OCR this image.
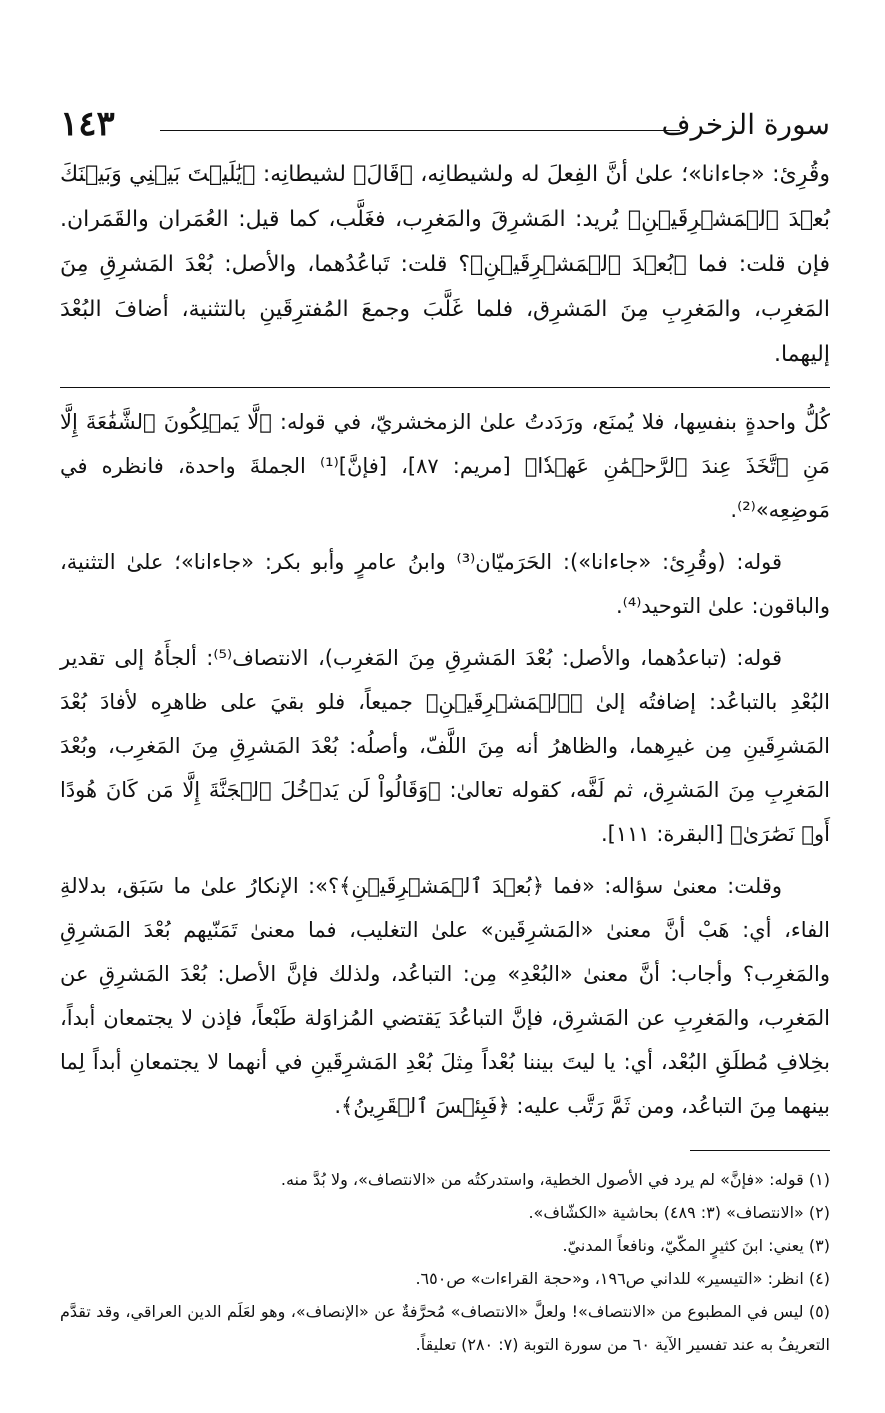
سورة الزخرف
١٤٣

وقُرِئ: «جاءانا»؛ علىٰ أنَّ الفِعلَ له ولشيطانِه، ﴿قَالَ﴾ لشيطانِه: ﴿يَٰلَيۡتَ بَيۡنِي وَبَيۡنَكَ بُعۡدَ ٱلۡمَشۡرِقَيۡنِ﴾ يُريد: المَشرِقَ والمَغرِب، فغَلَّب، كما قيل: العُمَران والقَمَران. فإن قلت: فما ﴿بُعۡدَ ٱلۡمَشۡرِقَيۡنِ﴾؟ قلت: تَباعُدُهما، والأصل: بُعْدَ المَشرِقِ مِنَ المَغرِب، والمَغرِبِ مِنَ المَشرِق، فلما غَلَّبَ وجمعَ المُفترِقَينِ بالتثنية، أضافَ البُعْدَ إليهما.

كُلُّ واحدةٍ بنفسِها، فلا يُمنَع، ورَدَدتُ علىٰ الزمخشريّ، في قوله: ﴿لَّا يَمۡلِكُونَ ٱلشَّفَٰعَةَ إِلَّا مَنِ ٱتَّخَذَ عِندَ ٱلرَّحۡمَٰنِ عَهۡدٗا﴾ [مريم: ٨٧]، [فإنَّ]⁽¹⁾ الجملةَ واحدة، فانظره في مَوضِعِه»⁽²⁾.

قوله: (وقُرِئ: «جاءانا»): الحَرَميّان⁽³⁾ وابنُ عامرٍ وأبو بكر: «جاءانا»؛ علىٰ التثنية، والباقون: علىٰ التوحيد⁽⁴⁾.

قوله: (تباعدُهما، والأصل: بُعْدَ المَشرِقِ مِنَ المَغرِب)، الانتصاف⁽⁵⁾: ألجأَهُ إلى تقدير البُعْدِ بالتباعُد: إضافتُه إلىٰ ﴿ٱلۡمَشۡرِقَيۡنِ﴾ جميعاً، فلو بقيَ على ظاهرِه لأفادَ بُعْدَ المَشرِقَينِ مِن غيرِهما، والظاهرُ أنه مِنَ اللَّفّ، وأصلُه: بُعْدَ المَشرِقِ مِنَ المَغرِب، وبُعْدَ المَغرِبِ مِنَ المَشرِق، ثم لَفَّه، كقوله تعالىٰ: ﴿وَقَالُواْ لَن يَدۡخُلَ ٱلۡجَنَّةَ إِلَّا مَن كَانَ هُودًا أَوۡ نَصَٰرَىٰ﴾ [البقرة: ١١١].

وقلت: معنىٰ سؤاله: «فما ﴿بُعۡدَ ٱلۡمَشۡرِقَيۡنِ﴾؟»: الإنكارُ علىٰ ما سَبَق، بدلالةِ الفاء، أي: هَبْ أنَّ معنىٰ «المَشرِقَين» علىٰ التغليب، فما معنىٰ تَمَنّيهم بُعْدَ المَشرِقِ والمَغرِب؟ وأجاب: أنَّ معنىٰ «البُعْدِ» مِن: التباعُد، ولذلك فإنَّ الأصل: بُعْدَ المَشرِقِ عن المَغرِب، والمَغرِبِ عن المَشرِق، فإنَّ التباعُدَ يَقتضي المُزاوَلة طَبْعاً، فإذن لا يجتمعان أبداً، بخِلافِ مُطلَقِ البُعْد، أي: يا ليتَ بيننا بُعْداً مِثلَ بُعْدِ المَشرِقَينِ في أنهما لا يجتمعانِ أبداً لِما بينهما مِنَ التباعُد، ومن ثَمَّ رَتَّب عليه: ﴿فَبِئۡسَ ٱلۡقَرِينُ﴾.

(١) قوله: «فإنَّ» لم يرد في الأصول الخطية، واستدركتُه من «الانتصاف»، ولا بُدَّ منه.

(٢) «الانتصاف» (٣: ٤٨٩) بحاشية «الكشّاف».

(٣) يعني: ابنَ كثيرٍ المكّيّ، ونافعاً المدنيّ.

(٤) انظر: «التيسير» للداني ص١٩٦، و«حجة القراءات» ص٦٥٠.

(٥) ليس في المطبوع من «الانتصاف»! ولعلَّ «الانتصاف» مُحرَّفةٌ عن «الإنصاف»، وهو لعَلَم الدين العراقي، وقد تقدَّم التعريفُ به عند تفسير الآية ٦٠ من سورة التوبة (٧: ٢٨٠) تعليقاً.
